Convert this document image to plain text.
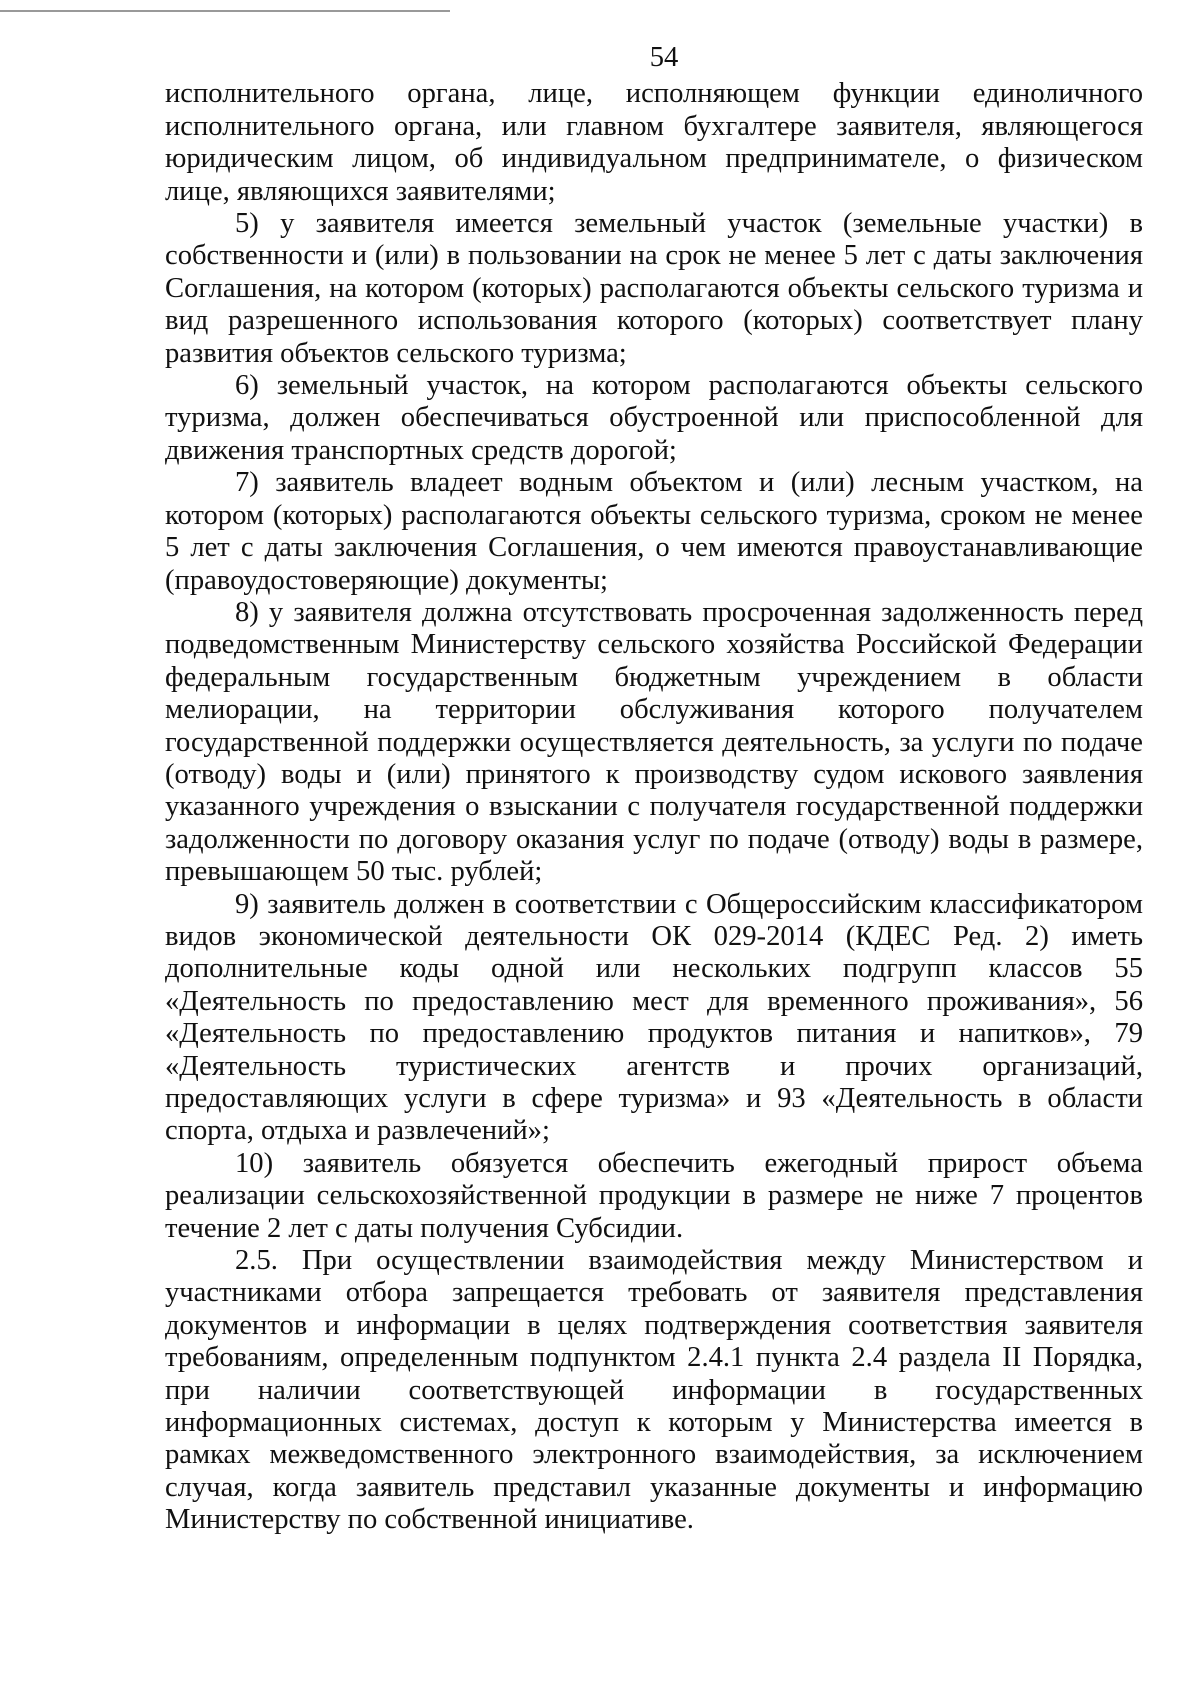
54

исполнительного органа, лице, исполняющем функции единоличного исполнительного органа, или главном бухгалтере заявителя, являющегося юридическим лицом, об индивидуальном предпринимателе, о физическом лице, являющихся заявителями;

5) у заявителя имеется земельный участок (земельные участки) в собственности и (или) в пользовании на срок не менее 5 лет с даты заключения Соглашения, на котором (которых) располагаются объекты сельского туризма и вид разрешенного использования которого (которых) соответствует плану развития объектов сельского туризма;

6) земельный участок, на котором располагаются объекты сельского туризма, должен обеспечиваться обустроенной или приспособленной для движения транспортных средств дорогой;

7) заявитель владеет водным объектом и (или) лесным участком, на котором (которых) располагаются объекты сельского туризма, сроком не менее 5 лет с даты заключения Соглашения, о чем имеются правоустанавливающие (правоудостоверяющие) документы;

8) у заявителя должна отсутствовать просроченная задолженность перед подведомственным Министерству сельского хозяйства Российской Федерации федеральным государственным бюджетным учреждением в области мелиорации, на территории обслуживания которого получателем государственной поддержки осуществляется деятельность, за услуги по подаче (отводу) воды и (или) принятого к производству судом искового заявления указанного учреждения о взыскании с получателя государственной поддержки задолженности по договору оказания услуг по подаче (отводу) воды в размере, превышающем 50 тыс. рублей;

9) заявитель должен в соответствии с Общероссийским классификатором видов экономической деятельности ОК 029-2014 (КДЕС Ред. 2) иметь дополнительные коды одной или нескольких подгрупп классов 55 «Деятельность по предоставлению мест для временного проживания», 56 «Деятельность по предоставлению продуктов питания и напитков», 79 «Деятельность туристических агентств и прочих организаций, предоставляющих услуги в сфере туризма» и 93 «Деятельность в области спорта, отдыха и развлечений»;

10) заявитель обязуется обеспечить ежегодный прирост объема реализации сельскохозяйственной продукции в размере не ниже 7 процентов течение 2 лет с даты получения Субсидии.

2.5. При осуществлении взаимодействия между Министерством и участниками отбора запрещается требовать от заявителя представления документов и информации в целях подтверждения соответствия заявителя требованиям, определенным подпунктом 2.4.1 пункта 2.4 раздела II Порядка, при наличии соответствующей информации в государственных информационных системах, доступ к которым у Министерства имеется в рамках межведомственного электронного взаимодействия, за исключением случая, когда заявитель представил указанные документы и информацию Министерству по собственной инициативе.
